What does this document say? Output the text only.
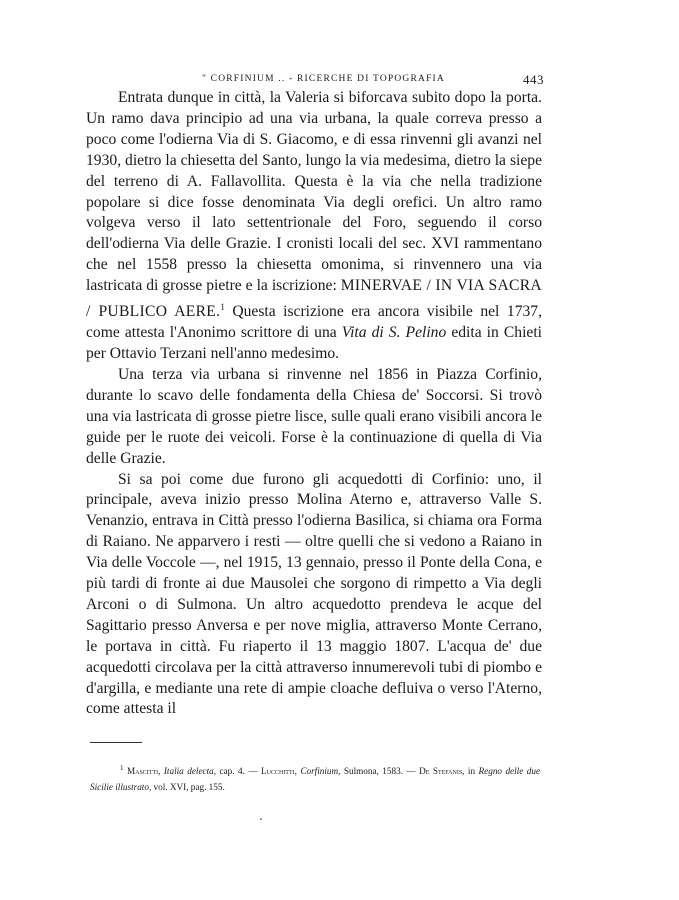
" CORFINIUM .. - RICERCHE DI TOPOGRAFIA	443

Entrata dunque in città, la Valeria si biforcava subito dopo la porta. Un ramo dava principio ad una via urbana, la quale correva presso a poco come l'odierna Via di S. Giacomo, e di essa rinvenni gli avanzi nel 1930, dietro la chiesetta del Santo, lungo la via medesima, dietro la siepe del terreno di A. Fallavollita. Questa è la via che nella tradizione popolare si dice fosse denominata Via degli orefici. Un altro ramo volgeva verso il lato settentrionale del Foro, seguendo il corso dell'odierna Via delle Grazie. I cronisti locali del sec. XVI rammentano che nel 1558 presso la chiesetta omonima, si rinvennero una via lastricata di grosse pietre e la iscrizione: MINERVAE / IN VIA SACRA / PUBLICO AERE.$^1$ Questa iscrizione era ancora visibile nel 1737, come attesta l'Anonimo scrittore di una Vita di S. Pelino edita in Chieti per Ottavio Terzani nell'anno medesimo.

Una terza via urbana si rinvenne nel 1856 in Piazza Corfinio, durante lo scavo delle fondamenta della Chiesa de' Soccorsi. Si trovò una via lastricata di grosse pietre lisce, sulle quali erano visibili ancora le guide per le ruote dei veicoli. Forse è la continuazione di quella di Via delle Grazie.

Si sa poi come due furono gli acquedotti di Corfinio: uno, il principale, aveva inizio presso Molina Aterno e, attraverso Valle S. Venanzio, entrava in Città presso l'odierna Basilica, si chiama ora Forma di Raiano. Ne apparvero i resti — oltre quelli che si vedono a Raiano in Via delle Voccole —, nel 1915, 13 gennaio, presso il Ponte della Cona, e più tardi di fronte ai due Mausolei che sorgono di rimpetto a Via degli Arconi o di Sulmona. Un altro acquedotto prendeva le acque del Sagittario presso Anversa e per nove miglia, attraverso Monte Cerrano, le portava in città. Fu riaperto il 13 maggio 1807. L'acqua de' due acquedotti circolava per la città attraverso innumerevoli tubi di piombo e d'argilla, e mediante una rete di ampie cloache defluiva o verso l'Aterno, come attesta il

$^1$ Mascitti, Italia delecta, cap. 4. — Lucchitti, Corfinium, Sulmona, 1583. — De Stefanis, in Regno delle due Sicilie illustrato, vol. XVI, pag. 155.
